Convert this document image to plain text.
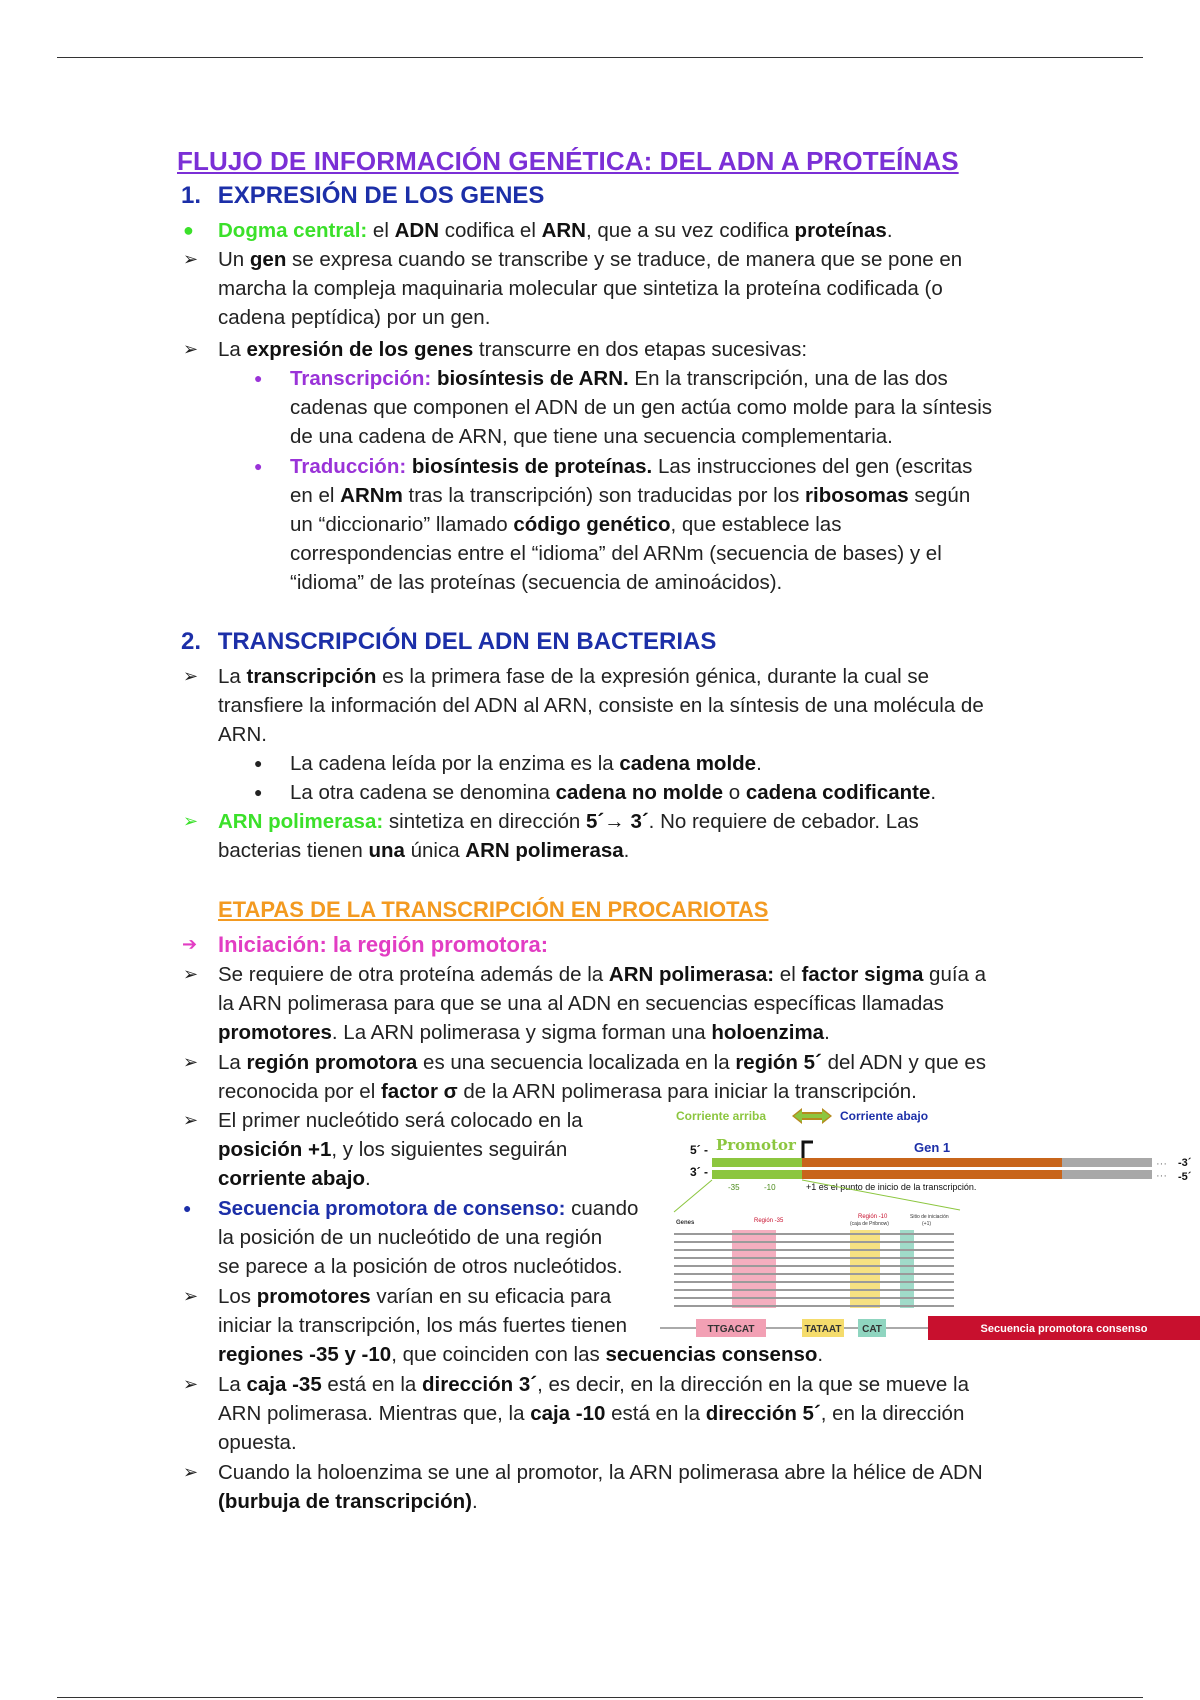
FLUJO DE INFORMACIÓN GENÉTICA: DEL ADN A PROTEÍNAS
1. EXPRESIÓN DE LOS GENES
● Dogma central: el ADN codifica el ARN, que a su vez codifica proteínas.
➢ Un gen se expresa cuando se transcribe y se traduce, de manera que se pone en
marcha la compleja maquinaria molecular que sintetiza la proteína codificada (o
cadena peptídica) por un gen.
➢ La expresión de los genes transcurre en dos etapas sucesivas:
● Transcripción: biosíntesis de ARN. En la transcripción, una de las dos
cadenas que componen el ADN de un gen actúa como molde para la síntesis
de una cadena de ARN, que tiene una secuencia complementaria.
● Traducción: biosíntesis de proteínas. Las instrucciones del gen (escritas
en el ARNm tras la transcripción) son traducidas por los ribosomas según
un “diccionario” llamado código genético, que establece las
correspondencias entre el “idioma” del ARNm (secuencia de bases) y el
“idioma” de las proteínas (secuencia de aminoácidos).
2. TRANSCRIPCIÓN DEL ADN EN BACTERIAS
➢ La transcripción es la primera fase de la expresión génica, durante la cual se
transfiere la información del ADN al ARN, consiste en la síntesis de una molécula de
ARN.
● La cadena leída por la enzima es la cadena molde.
● La otra cadena se denomina cadena no molde o cadena codificante.
➢ ARN polimerasa: sintetiza en dirección 5´→ 3´. No requiere de cebador. Las
bacterias tienen una única ARN polimerasa.
ETAPAS DE LA TRANSCRIPCIÓN EN PROCARIOTAS
➔ Iniciación: la región promotora:
➢ Se requiere de otra proteína además de la ARN polimerasa: el factor sigma guía a
la ARN polimerasa para que se una al ADN en secuencias específicas llamadas
promotores. La ARN polimerasa y sigma forman una holoenzima.
➢ La región promotora es una secuencia localizada en la región 5´ del ADN y que es
reconocida por el factor σ de la ARN polimerasa para iniciar la transcripción.
➢ El primer nucleótido será colocado en la
posición +1, y los siguientes seguirán
corriente abajo.
● Secuencia promotora de consenso: cuando
la posición de un nucleótido de una región
se parece a la posición de otros nucleótidos.
➢ Los promotores varían en su eficacia para
iniciar la transcripción, los más fuertes tienen
regiones -35 y -10, que coinciden con las secuencias consenso.
➢ La caja -35 está en la dirección 3´, es decir, en la dirección en la que se mueve la
ARN polimerasa. Mientras que, la caja -10 está en la dirección 5´, en la dirección
opuesta.
➢ Cuando la holoenzima se une al promotor, la ARN polimerasa abre la hélice de ADN
(burbuja de transcripción).
Corriente arriba	Corriente abajo
5´ -
3´ -
Promotor	Gen 1
···
···
-3´
-5´
-35	-10	+1 es el punto de inicio de la transcripción.
Genes	Región -35
Región -10
(caja de Pribnow)
Sitio de iniciación
(+1)
TTGACAT	TATAAT CAT	Secuencia promotora consenso
